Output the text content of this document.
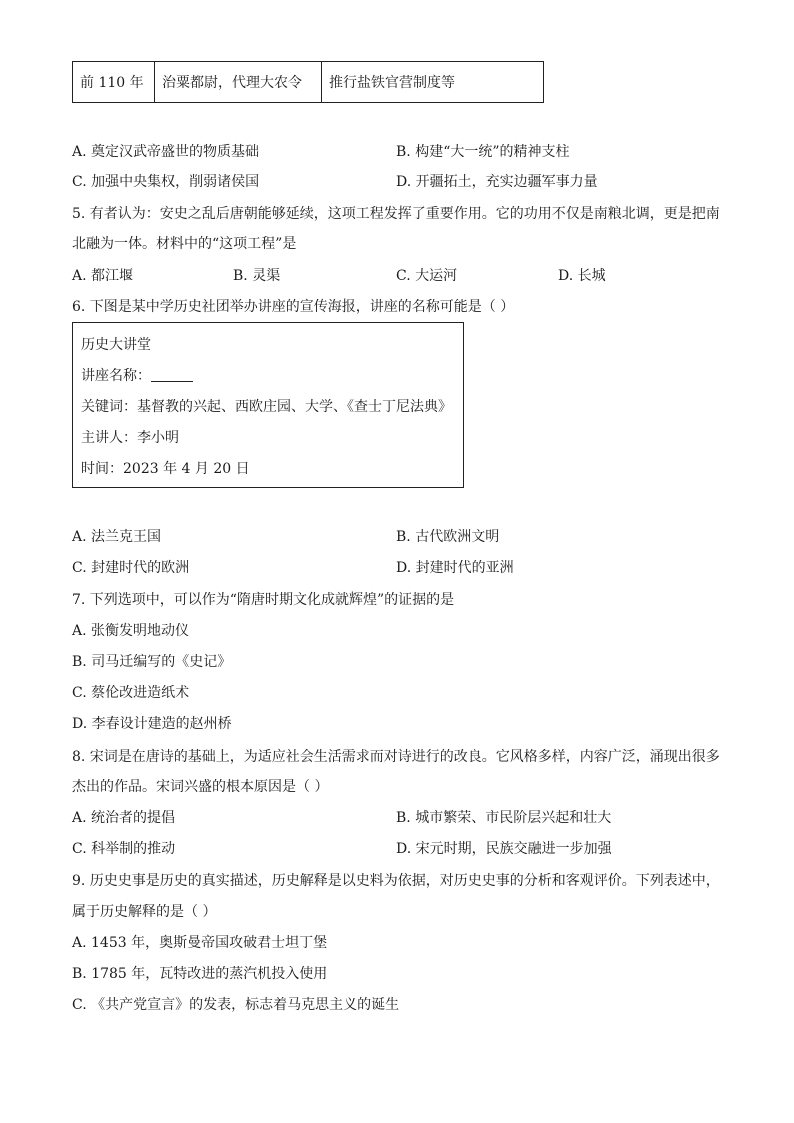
前 110 年	治粟都尉，代理大农令	推行盐铁官营制度等
A. 奠定汉武帝盛世的物质基础	B. 构建“大一统”的精神支柱
C. 加强中央集权，削弱诸侯国	D. 开疆拓土，充实边疆军事力量
5. 有者认为：安史之乱后唐朝能够延续，这项工程发挥了重要作用。它的功用不仅是南粮北调，更是把南
北融为一体。材料中的“这项工程”是
A. 都江堰	B. 灵渠	C. 大运河	D. 长城
6. 下图是某中学历史社团举办讲座的宣传海报，讲座的名称可能是（ ）
历史大讲堂
讲座名称：
关键词：基督教的兴起、西欧庄园、大学、《查士丁尼法典》
主讲人：李小明
时间：2023 年 4 月 20 日
A. 法兰克王国	B. 古代欧洲文明
C. 封建时代的欧洲	D. 封建时代的亚洲
7. 下列选项中，可以作为“隋唐时期文化成就辉煌”的证据的是
A. 张衡发明地动仪
B. 司马迁编写的《史记》
C. 蔡伦改进造纸术
D. 李春设计建造的赵州桥
8. 宋词是在唐诗的基础上，为适应社会生活需求而对诗进行的改良。它风格多样，内容广泛，涌现出很多
杰出的作品。宋词兴盛的根本原因是（ ）
A. 统治者的提倡	B. 城市繁荣、市民阶层兴起和壮大
C. 科举制的推动	D. 宋元时期，民族交融进一步加强
9. 历史史事是历史的真实描述，历史解释是以史料为依据，对历史史事的分析和客观评价。下列表述中，
属于历史解释的是（ ）
A. 1453 年，奥斯曼帝国攻破君士坦丁堡
B. 1785 年，瓦特改进的蒸汽机投入使用
C. 《共产党宣言》的发表，标志着马克思主义的诞生
